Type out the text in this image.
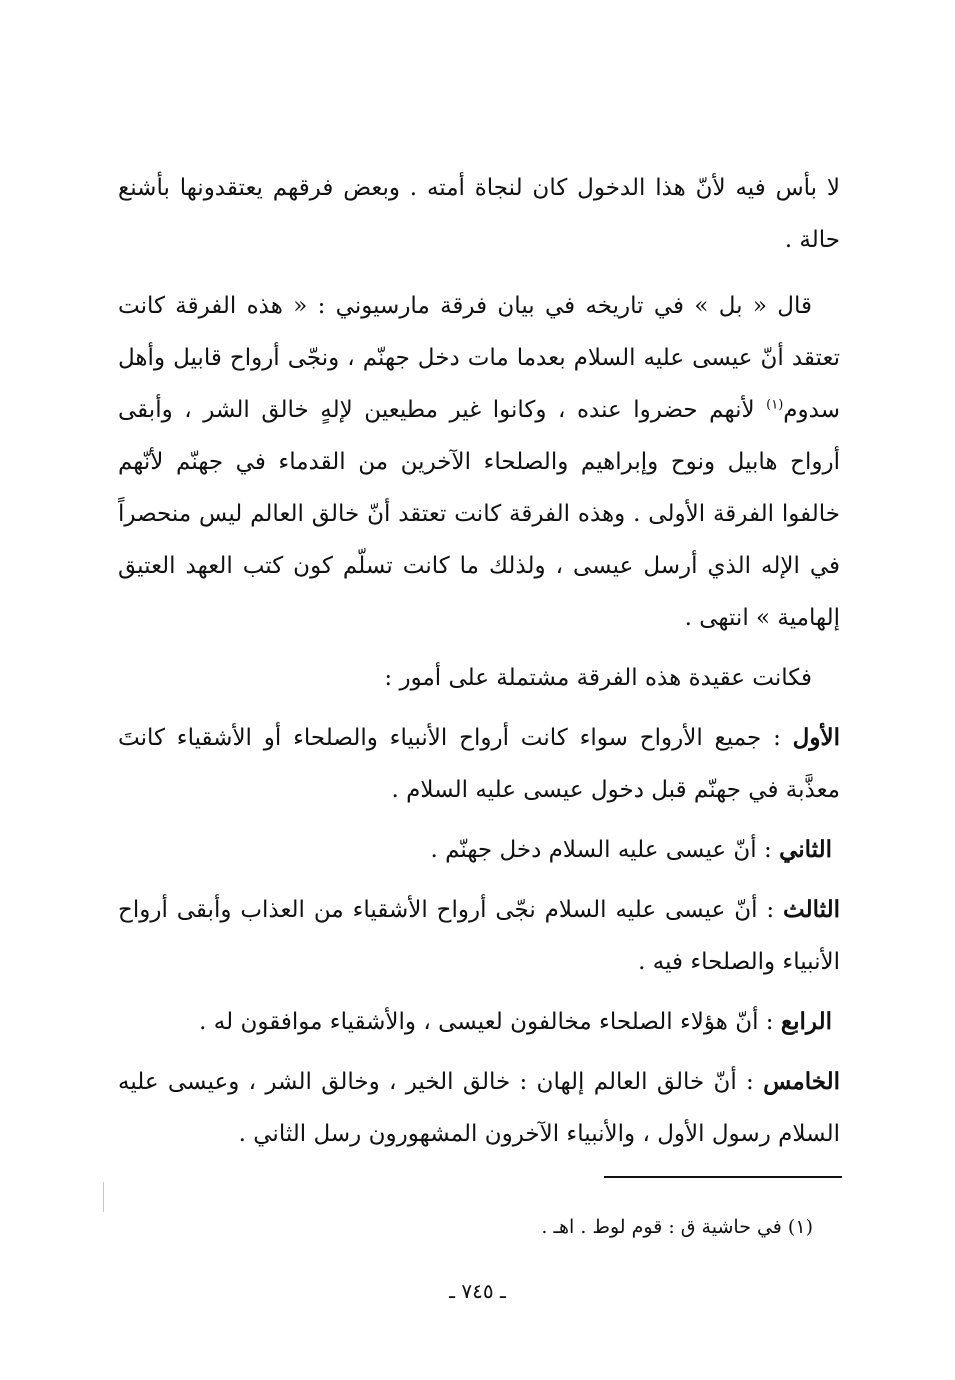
لا بأس فيه لأنّ هذا الدخول كان لنجاة أمته . وبعض فرقهم يعتقدونها بأشنع حالة .

قال « بل » في تاريخه في بيان فرقة مارسيوني : « هذه الفرقة كانت تعتقد أنّ عيسى عليه السلام بعدما مات دخل جهنّم ، ونجّى أرواح قابيل وأهل سدوم$^{(١)}$ لأنهم حضروا عنده ، وكانوا غير مطيعين لإلهٍ خالق الشر ، وأبقى أرواح هابيل ونوح وإبراهيم والصلحاء الآخرين من القدماء في جهنّم لأنّهم خالفوا الفرقة الأولى . وهذه الفرقة كانت تعتقد أنّ خالق العالم ليس منحصراً في الإله الذي أرسل عيسى ، ولذلك ما كانت تسلّم كون كتب العهد العتيق إلهامية » انتهى .

فكانت عقيدة هذه الفرقة مشتملة على أمور :

الأول : جميع الأرواح سواء كانت أرواح الأنبياء والصلحاء أو الأشقياء كانتَ معذَّبة في جهنّم قبل دخول عيسى عليه السلام .

الثاني : أنّ عيسى عليه السلام دخل جهنّم .

الثالث : أنّ عيسى عليه السلام نجّى أرواح الأشقياء من العذاب وأبقى أرواح الأنبياء والصلحاء فيه .

الرابع : أنّ هؤلاء الصلحاء مخالفون لعيسى ، والأشقياء موافقون له .

الخامس : أنّ خالق العالم إلهان : خالق الخير ، وخالق الشر ، وعيسى عليه السلام رسول الأول ، والأنبياء الآخرون المشهورون رسل الثاني .

(١) في حاشية ق : قوم لوط . اهـ .
ـ ٧٤٥ ـ
